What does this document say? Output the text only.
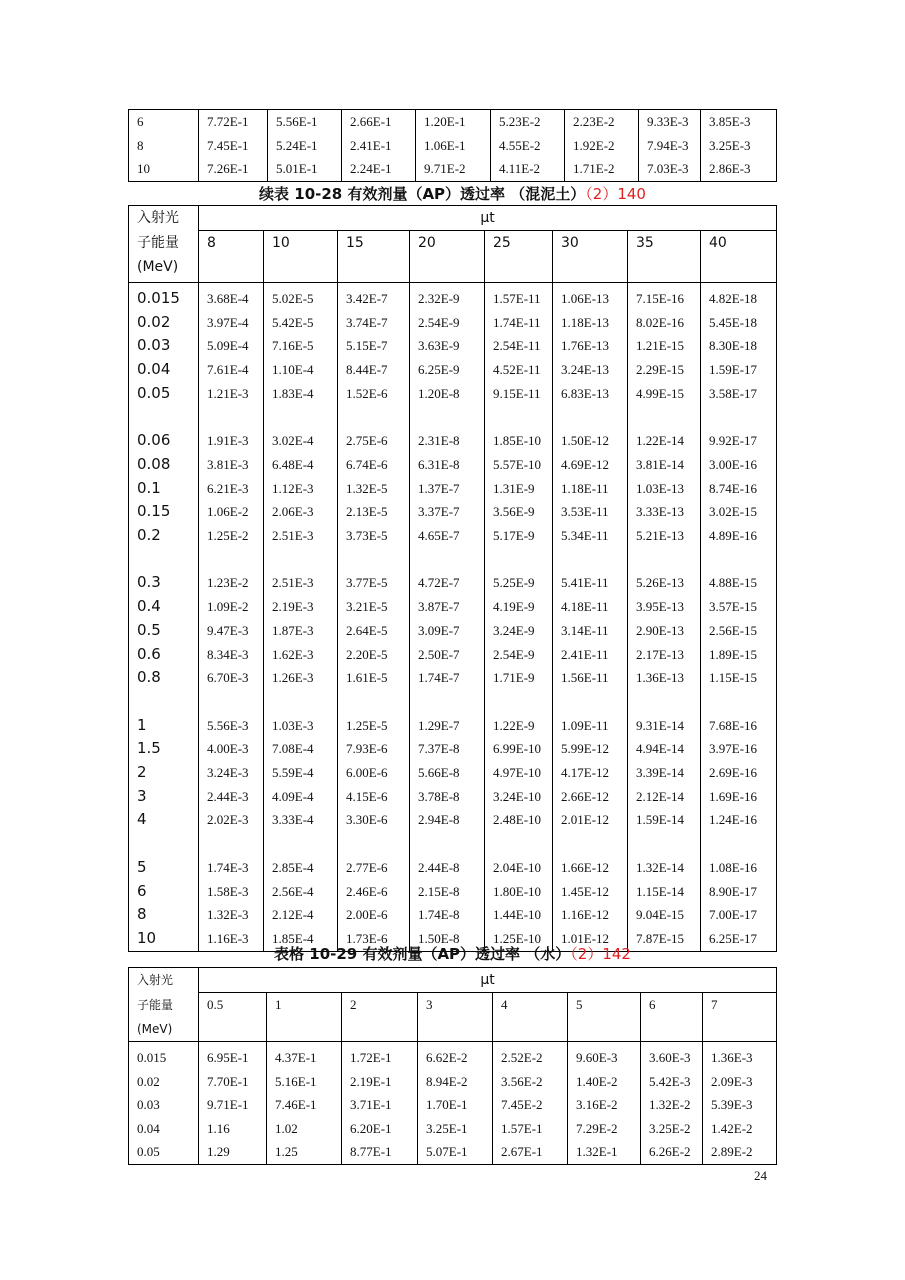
6	7.72E-1	5.56E-1	2.66E-1	1.20E-1	5.23E-2	2.23E-2	9.33E-3	3.85E-3
8	7.45E-1	5.24E-1	2.41E-1	1.06E-1	4.55E-2	1.92E-2	7.94E-3	3.25E-3
10	7.26E-1	5.01E-1	2.24E-1	9.71E-2	4.11E-2	1.71E-2	7.03E-3	2.86E-3
续表 10-28 有效剂量（AP）透过率 （混泥土）（2）140
入射光	μt							

子能量
(MeV)	8	10	15	20	25	30	35	40
0.015	3.68E-4	5.02E-5	3.42E-7	2.32E-9	1.57E-11	1.06E-13	7.15E-16	4.82E-18
0.02	3.97E-4	5.42E-5	3.74E-7	2.54E-9	1.74E-11	1.18E-13	8.02E-16	5.45E-18
0.03	5.09E-4	7.16E-5	5.15E-7	3.63E-9	2.54E-11	1.76E-13	1.21E-15	8.30E-18
0.04	7.61E-4	1.10E-4	8.44E-7	6.25E-9	4.52E-11	3.24E-13	2.29E-15	1.59E-17
0.05	1.21E-3	1.83E-4	1.52E-6	1.20E-8	9.15E-11	6.83E-13	4.99E-15	3.58E-17

0.06	1.91E-3	3.02E-4	2.75E-6	2.31E-8	1.85E-10	1.50E-12	1.22E-14	9.92E-17
0.08	3.81E-3	6.48E-4	6.74E-6	6.31E-8	5.57E-10	4.69E-12	3.81E-14	3.00E-16
0.1	6.21E-3	1.12E-3	1.32E-5	1.37E-7	1.31E-9	1.18E-11	1.03E-13	8.74E-16
0.15	1.06E-2	2.06E-3	2.13E-5	3.37E-7	3.56E-9	3.53E-11	3.33E-13	3.02E-15
0.2	1.25E-2	2.51E-3	3.73E-5	4.65E-7	5.17E-9	5.34E-11	5.21E-13	4.89E-16

0.3	1.23E-2	2.51E-3	3.77E-5	4.72E-7	5.25E-9	5.41E-11	5.26E-13	4.88E-15
0.4	1.09E-2	2.19E-3	3.21E-5	3.87E-7	4.19E-9	4.18E-11	3.95E-13	3.57E-15
0.5	9.47E-3	1.87E-3	2.64E-5	3.09E-7	3.24E-9	3.14E-11	2.90E-13	2.56E-15
0.6	8.34E-3	1.62E-3	2.20E-5	2.50E-7	2.54E-9	2.41E-11	2.17E-13	1.89E-15
0.8	6.70E-3	1.26E-3	1.61E-5	1.74E-7	1.71E-9	1.56E-11	1.36E-13	1.15E-15

1	5.56E-3	1.03E-3	1.25E-5	1.29E-7	1.22E-9	1.09E-11	9.31E-14	7.68E-16
1.5	4.00E-3	7.08E-4	7.93E-6	7.37E-8	6.99E-10	5.99E-12	4.94E-14	3.97E-16
2	3.24E-3	5.59E-4	6.00E-6	5.66E-8	4.97E-10	4.17E-12	3.39E-14	2.69E-16
3	2.44E-3	4.09E-4	4.15E-6	3.78E-8	3.24E-10	2.66E-12	2.12E-14	1.69E-16
4	2.02E-3	3.33E-4	3.30E-6	2.94E-8	2.48E-10	2.01E-12	1.59E-14	1.24E-16

5	1.74E-3	2.85E-4	2.77E-6	2.44E-8	2.04E-10	1.66E-12	1.32E-14	1.08E-16
6	1.58E-3	2.56E-4	2.46E-6	2.15E-8	1.80E-10	1.45E-12	1.15E-14	8.90E-17
8	1.32E-3	2.12E-4	2.00E-6	1.74E-8	1.44E-10	1.16E-12	9.04E-15	7.00E-17
10	1.16E-3	1.85E-4	1.73E-6	1.50E-8	1.25E-10	1.01E-12	7.87E-15	6.25E-17
表格 10-29 有效剂量（AP）透过率 （水）（2）142
入射光	μt							
子能量	0.5	1	2	3	4	5	6	7
(MeV)								
0.015	6.95E-1	4.37E-1	1.72E-1	6.62E-2	2.52E-2	9.60E-3	3.60E-3	1.36E-3
0.02	7.70E-1	5.16E-1	2.19E-1	8.94E-2	3.56E-2	1.40E-2	5.42E-3	2.09E-3
0.03	9.71E-1	7.46E-1	3.71E-1	1.70E-1	7.45E-2	3.16E-2	1.32E-2	5.39E-3
0.04	1.16	1.02	6.20E-1	3.25E-1	1.57E-1	7.29E-2	3.25E-2	1.42E-2
0.05	1.29	1.25	8.77E-1	5.07E-1	2.67E-1	1.32E-1	6.26E-2	2.89E-2
24
